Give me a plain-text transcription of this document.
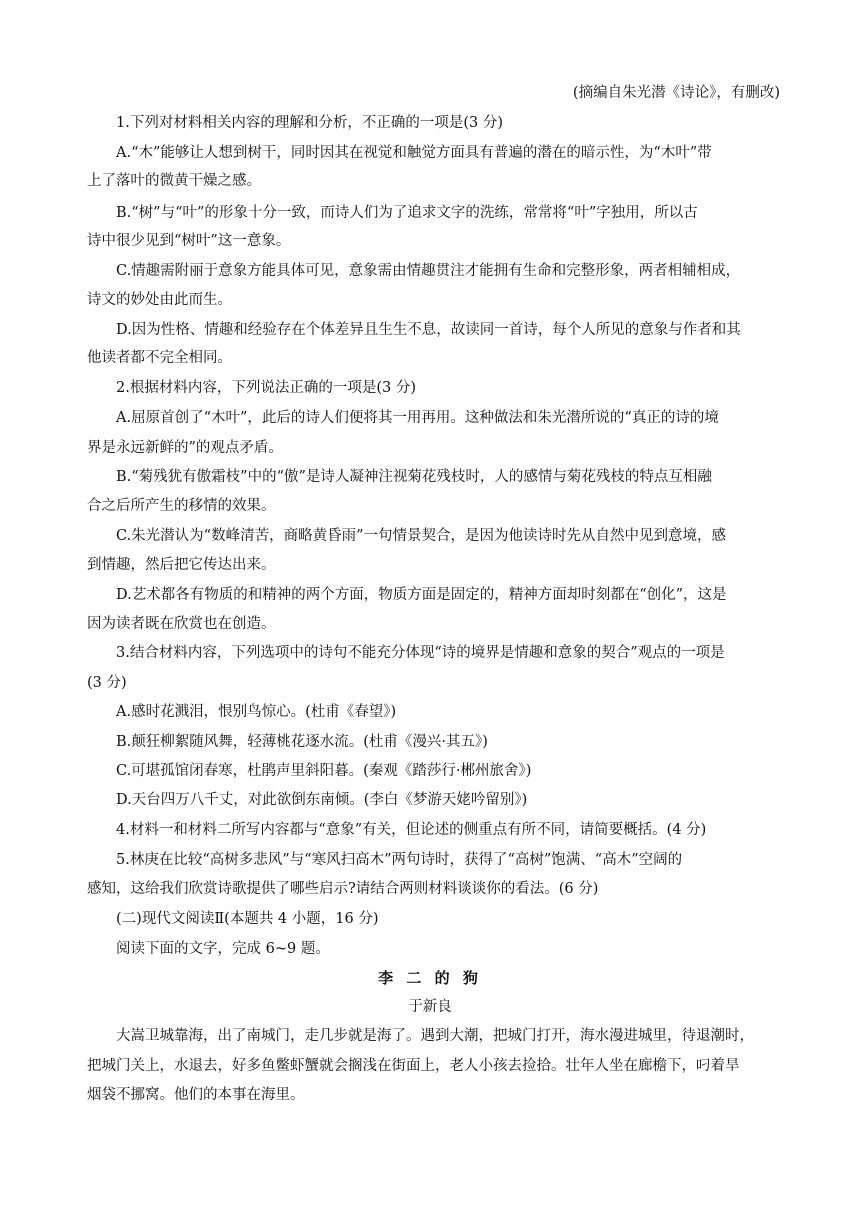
(摘编自朱光潜《诗论》，有删改)
1.下列对材料相关内容的理解和分析，不正确的一项是(3 分)
A.“木”能够让人想到树干，同时因其在视觉和触觉方面具有普遍的潜在的暗示性，为“木叶”带
上了落叶的微黄干燥之感。
B.“树”与“叶”的形象十分一致，而诗人们为了追求文字的洗练，常常将“叶”字独用，所以古
诗中很少见到“树叶”这一意象。
C.情趣需附丽于意象方能具体可见，意象需由情趣贯注才能拥有生命和完整形象，两者相辅相成，
诗文的妙处由此而生。
D.因为性格、情趣和经验存在个体差异且生生不息，故读同一首诗，每个人所见的意象与作者和其
他读者都不完全相同。
2.根据材料内容，下列说法正确的一项是(3 分)
A.屈原首创了“木叶”，此后的诗人们便将其一用再用。这种做法和朱光潜所说的“真正的诗的境
界是永远新鲜的”的观点矛盾。
B.“菊残犹有傲霜枝”中的“傲”是诗人凝神注视菊花残枝时，人的感情与菊花残枝的特点互相融
合之后所产生的移情的效果。
C.朱光潜认为“数峰清苦，商略黄昏雨”一句情景契合，是因为他读诗时先从自然中见到意境，感
到情趣，然后把它传达出来。
D.艺术都各有物质的和精神的两个方面，物质方面是固定的，精神方面却时刻都在“创化”，这是
因为读者既在欣赏也在创造。
3.结合材料内容，下列选项中的诗句不能充分体现“诗的境界是情趣和意象的契合”观点的一项是
(3 分)
A.感时花溅泪，恨别鸟惊心。(杜甫《春望》)
B.颠狂柳絮随风舞，轻薄桃花逐水流。(杜甫《漫兴·其五》)
C.可堪孤馆闭春寒，杜鹃声里斜阳暮。(秦观《踏莎行·郴州旅舍》)
D.天台四万八千丈，对此欲倒东南倾。(李白《梦游天姥吟留别》)
4.材料一和材料二所写内容都与“意象”有关，但论述的侧重点有所不同，请简要概括。(4 分)
5.林庚在比较“高树多悲风”与“寒风扫高木”两句诗时，获得了“高树”饱满、“高木”空阔的
感知，这给我们欣赏诗歌提供了哪些启示?请结合两则材料谈谈你的看法。(6 分)
(二)现代文阅读Ⅱ(本题共 4 小题，16 分)
阅读下面的文字，完成 6~9 题。
李 二 的 狗
于新良
大嵩卫城靠海，出了南城门，走几步就是海了。遇到大潮，把城门打开，海水漫进城里，待退潮时，
把城门关上，水退去，好多鱼鳖虾蟹就会搁浅在街面上，老人小孩去捡拾。壮年人坐在廊檐下，叼着旱
烟袋不挪窝。他们的本事在海里。
